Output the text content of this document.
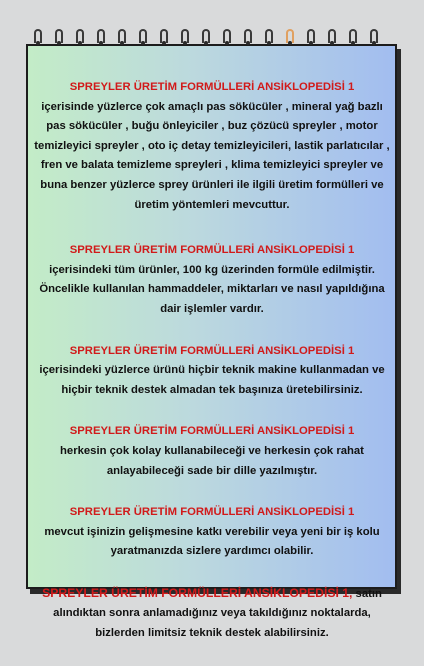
SPREYLER ÜRETİM FORMÜLLERİ ANSİKLOPEDİSİ 1

içerisinde yüzlerce çok amaçlı pas sökücüler , mineral yağ bazlı pas sökücüler , buğu önleyiciler , buz çözücü spreyler , motor temizleyici spreyler , oto iç detay temizleyicileri, lastik parlatıcılar , fren ve balata temizleme spreyleri , klima temizleyici spreyler ve buna benzer yüzlerce sprey ürünleri ile ilgili üretim formülleri ve üretim yöntemleri mevcuttur.

SPREYLER ÜRETİM FORMÜLLERİ ANSİKLOPEDİSİ 1

içerisindeki tüm ürünler, 100 kg üzerinden formüle edilmiştir. Öncelikle kullanılan hammaddeler, miktarları ve nasıl yapıldığına dair işlemler vardır.

SPREYLER ÜRETİM FORMÜLLERİ ANSİKLOPEDİSİ 1

içerisindeki yüzlerce ürünü hiçbir teknik makine kullanmadan ve hiçbir teknik destek almadan tek başınıza üretebilirsiniz.

SPREYLER ÜRETİM FORMÜLLERİ ANSİKLOPEDİSİ 1

herkesin çok kolay kullanabileceği ve herkesin çok rahat anlayabileceği sade bir dille yazılmıştır.

SPREYLER ÜRETİM FORMÜLLERİ ANSİKLOPEDİSİ 1

mevcut işinizin gelişmesine katkı verebilir veya yeni bir iş kolu yaratmanızda sizlere yardımcı olabilir.

SPREYLER ÜRETİM FORMÜLLERİ ANSİKLOPEDİSİ 1, satın alındıktan sonra anlamadığınız veya takıldığınız noktalarda, bizlerden limitsiz teknik destek alabilirsiniz.
